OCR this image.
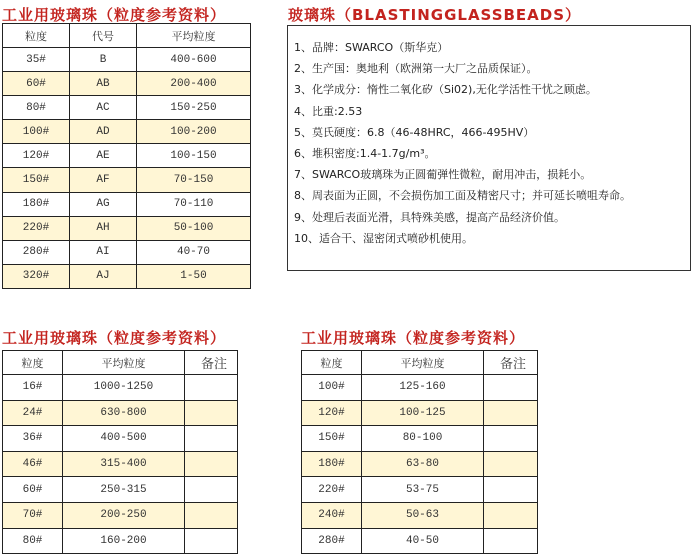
工业用玻璃珠（粒度参考资料）
粒度	代号	平均粒度
35#	B	400-600
60#	AB	200-400
80#	AC	150-250
100#	AD	100-200
120#	AE	100-150
150#	AF	70-150
180#	AG	70-110
220#	AH	50-100
280#	AI	40-70
320#	AJ	1-50
玻璃珠（BLASTINGGLASSBEADS）
1、品牌：SWARCO（斯华克）
2、生产国：奥地利（欧洲第一大厂之品质保证）。
3、化学成分：惰性二氧化矽（Si02),无化学活性干忧之顾虑。
4、比重:2.53
5、莫氏硬度：6.8（46-48HRC，466-495HV）
6、堆积密度:1.4-1.7g/m³。
7、SWARCO玻璃珠为正圆葡弹性微粒，耐用冲击，损耗小。
8、周表面为正圆，不会损伤加工面及精密尺寸；并可延长喷咀寿命。
9、处理后表面光滑，具特殊美感，提高产品经济价值。
10、适合干、湿密闭式喷砂机使用。
工业用玻璃珠（粒度参考资料）
粒度	平均粒度	备注
16#	1000-1250	
24#	630-800	
36#	400-500	
46#	315-400	
60#	250-315	
70#	200-250	
80#	160-200	
工业用玻璃珠（粒度参考资料）
粒度	平均粒度	备注
100#	125-160	
120#	100-125	
150#	80-100	
180#	63-80	
220#	53-75	
240#	50-63	
280#	40-50	
